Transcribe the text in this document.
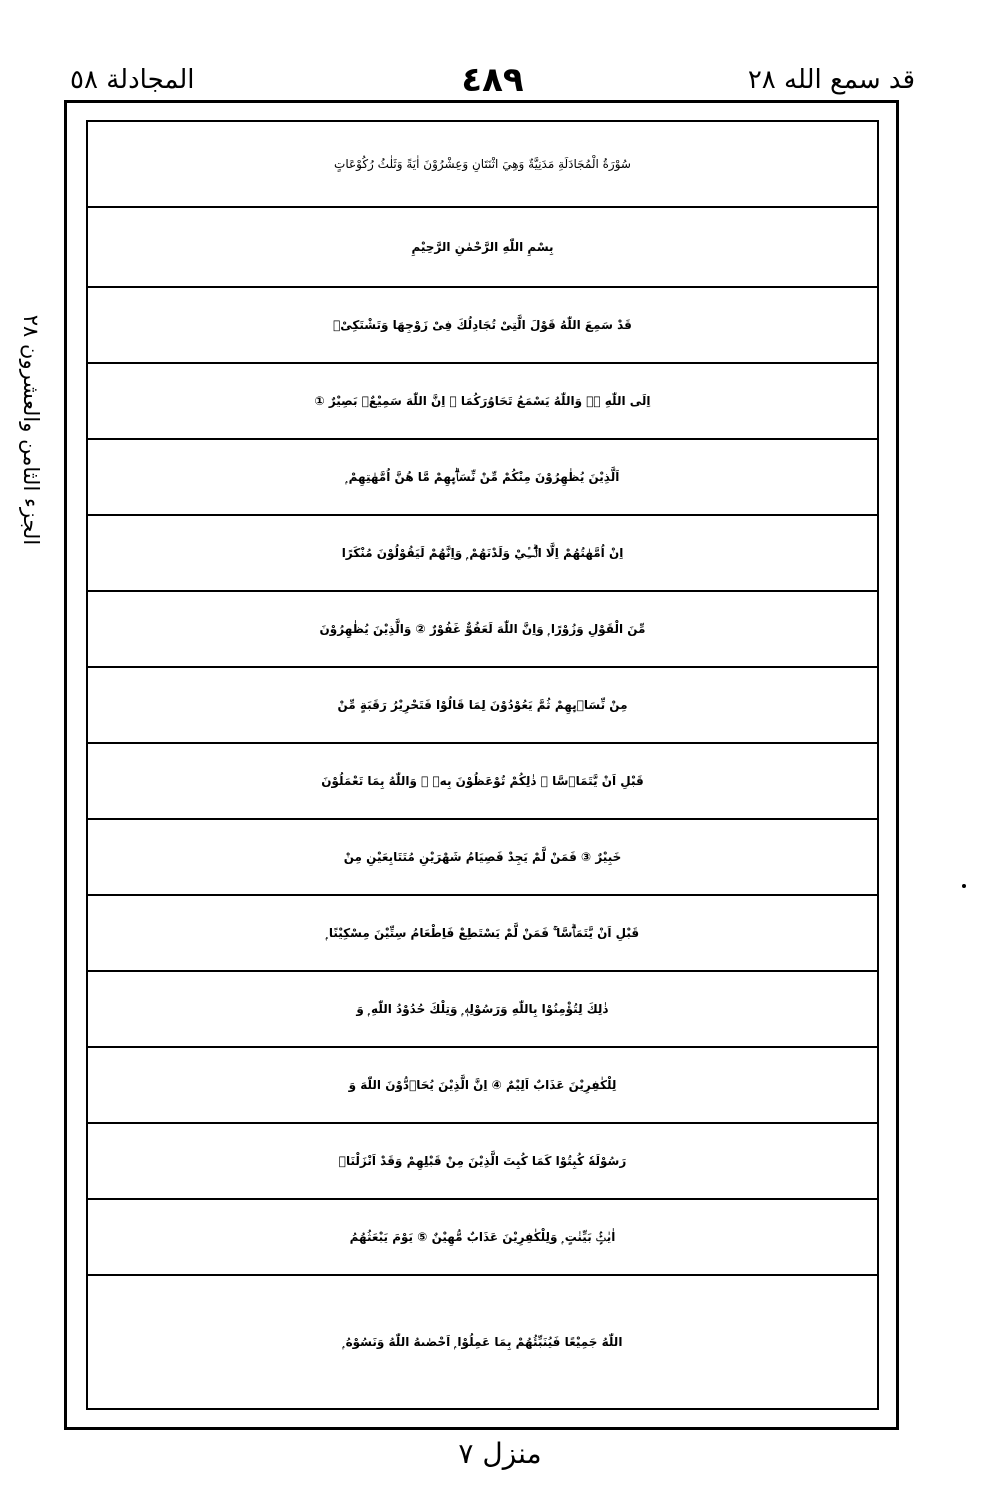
المجادلة ٥٨	٤٨٩	قد سمع الله ٢٨
الجزء الثامن والعشرون ٢٨
سُوْرَةُ الْمُجَادَلَةِ مَدَنِيَّةٌ وَهِيَ اثْنَتَانِ وَعِشْرُوْنَ اٰيَةً وَثَلٰثُ رُكُوْعَاتٍ
بِسْمِ اللّٰهِ الرَّحْمٰنِ الرَّحِيْمِ
قَدْ سَمِعَ اللّٰهُ قَوْلَ الَّتِیْ تُجَادِلُكَ فِیْ زَوْجِهَا وَتَشْتَكِیْۤ
اِلَى اللّٰهِ ۖۗ وَاللّٰهُ يَسْمَعُ تَحَاوُرَكُمَا ۭ اِنَّ اللّٰهَ سَمِيْعٌۢ بَصِيْرٌ ①
اَلَّذِيْنَ يُظٰهِرُوْنَ مِنْكُمْ مِّنْ نِّسَاۗىِٕهِمْ مَّا هُنَّ اُمَّهٰتِهِمْ ۭ
اِنْ اُمَّهٰتُهُمْ اِلَّا الّٰۗــِٔيْ وَلَدْنَهُمْ ۭ وَاِنَّهُمْ لَيَقُوْلُوْنَ مُنْكَرًا
مِّنَ الْقَوْلِ وَزُوْرًا ۭ وَاِنَّ اللّٰهَ لَعَفُوٌّ غَفُوْرٌ ② وَالَّذِيْنَ يُظٰهِرُوْنَ
مِنْ نِّسَاۗىِٕهِمْ ثُمَّ يَعُوْدُوْنَ لِمَا قَالُوْا فَتَحْرِيْرُ رَقَبَةٍ مِّنْ
قَبْلِ اَنْ يَّتَمَاۗسَّا ۭ ذٰلِكُمْ تُوْعَظُوْنَ بِهٖ ۭ وَاللّٰهُ بِمَا تَعْمَلُوْنَ
خَبِيْرٌ ③ فَمَنْ لَّمْ يَجِدْ فَصِيَامُ شَهْرَيْنِ مُتَتَابِعَيْنِ مِنْ
قَبْلِ اَنْ يَّتَمَاۗسَّا ۚ فَمَنْ لَّمْ يَسْتَطِعْ فَاِطْعَامُ سِتِّيْنَ مِسْكِيْنًا ۭ
ذٰلِكَ لِتُؤْمِنُوْا بِاللّٰهِ وَرَسُوْلِهٖ ۭ وَتِلْكَ حُدُوْدُ اللّٰهِ ۭ وَ
لِلْكٰفِرِيْنَ عَذَابٌ اَلِيْمٌ ④ اِنَّ الَّذِيْنَ يُحَاۗدُّوْنَ اللّٰهَ وَ
رَسُوْلَهٗ كُبِتُوْا كَمَا كُبِتَ الَّذِيْنَ مِنْ قَبْلِهِمْ وَقَدْ اَنْزَلْنَاۗ
اٰيٰتٍۢ بَيِّنٰتٍ ۭ وَلِلْكٰفِرِيْنَ عَذَابٌ مُّهِيْنٌ ⑤ يَوْمَ يَبْعَثُهُمُ
اللّٰهُ جَمِيْعًا فَيُنَبِّئُهُمْ بِمَا عَمِلُوْا ۭ اَحْصٰىهُ اللّٰهُ وَنَسُوْهُ ۭ
منزل ٧
